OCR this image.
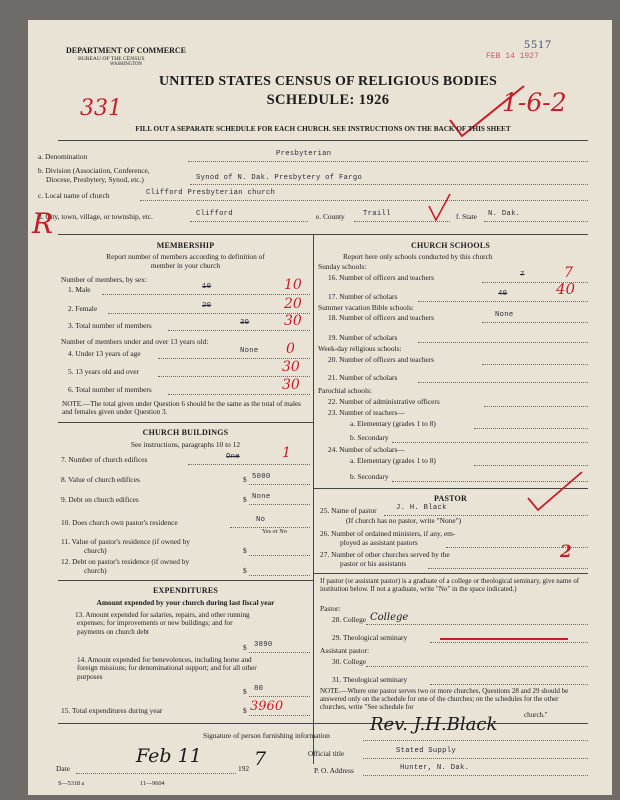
DEPARTMENT OF COMMERCE
BUREAU OF THE CENSUS
WASHINGTON
5517
FEB 14 1927
UNITED STATES CENSUS OF RELIGIOUS BODIES
SCHEDULE: 1926
331	1-6-2
FILL OUT A SEPARATE SCHEDULE FOR EACH CHURCH. SEE INSTRUCTIONS ON THE BACK OF THIS SHEET
a. Denomination	Presbyterian
b. Division (Association, Conference,
Diocese, Presbytery, Synod, etc.)	Synod of N. Dak. Presbytery of Fargo
c. Local name of church	Clifford Presbyterian church
d. City, town, village, or township, etc.	Clifford	e. County	Traill	f. State N. Dak.
R
MEMBERSHIP
Report number of members according to definition of
member in your church
Number of members, by sex:
1. Male	10	10
2. Female	20	20
3. Total number of members	30 30
Number of members under and over 13 years old:
4. Under 13 years of age	None 0
5. 13 years old and over	30
6. Total number of members	30
NOTE.—The total given under Question 6 should be the same as the total of males and females given under Question 3.
CHURCH BUILDINGS
See instructions, paragraphs 10 to 12
7. Number of church edifices	One	1
8. Value of church edifices	$ 5000
9. Debt on church edifices	$ None
10. Does church own pastor's residence	No
Yes or No
11. Value of pastor's residence (if owned by
church)	$
12. Debt on pastor's residence (if owned by
church)	$
EXPENDITURES
Amount expended by your church during last fiscal year
13. Amount expended for salaries, repairs, and other running expenses; for improvements or new buildings; and for payments on church debt
$ 3890
14. Amount expended for benevolences, including home and foreign missions; for denominational support; and for all other purposes
$ 80
15. Total expenditures during year	$ 3960
CHURCH SCHOOLS
Report here only schools conducted by this church
Sunday schools:
16. Number of officers and teachers	7	7
17. Number of scholars	40	40
Summer vacation Bible schools:
18. Number of officers and teachers	None
19. Number of scholars
Week-day religious schools:
20. Number of officers and teachers
21. Number of scholars
Parochial schools:
22. Number of administrative officers
23. Number of teachers—
a. Elementary (grades 1 to 8)
b. Secondary
24. Number of scholars—
a. Elementary (grades 1 to 8)
b. Secondary
PASTOR
25. Name of pastor	J. H. Black
(If church has no pastor, write "None")
26. Number of ordained ministers, if any, em-
ployed as assistant pastors
27. Number of other churches served by the
pastor or his assistants
2
If pastor (or assistant pastor) is a graduate of a college or theological seminary, give name of institution below. If not a graduate, write "No" in the space indicated.)
Pastor:
28. College College
29. Theological seminary
Assistant pastor:
30. College
31. Theological seminary
NOTE.—Where one pastor serves two or more churches, Questions 28 and 29 should be answered only on the schedule for one of the churches; on the schedules for the other churches, write "See schedule for
church."
Signature of person furnishing information
Rev. J.H.Black
Official title	Stated Supply
Date
Feb 11
192 7
P. O. Address	Hunter, N. Dak.
S—5318 a	11—9604
